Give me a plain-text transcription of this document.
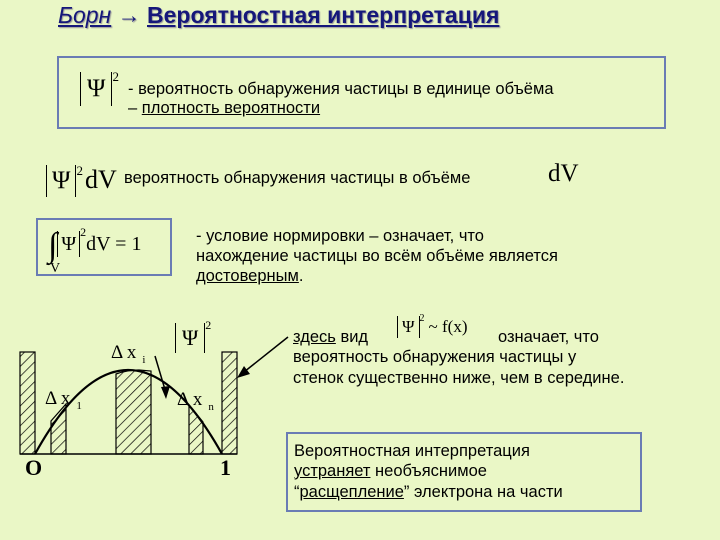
Борн → Вероятностная интерпретация
Ψ $^2$
- вероятность обнаружения частицы в единице объёма
– плотность вероятности
Ψ $^2$dV вероятность обнаружения частицы в объёме	dV
∫ $\Psi^2dV = 1$
V
- условие нормировки – означает, что
нахождение частицы во всём объёме является
достоверным.
$\Psi^2$
Δ x $_i$
Δ x $_1$	Δ x $_n$
O	1
здесь вид
Ψ $^2$ ~ f(x)
означает, что
вероятность обнаружения частицы у
стенок существенно ниже, чем в середине.
Вероятностная интерпретация
устраняет необъяснимое
“расщепление” электрона на части
